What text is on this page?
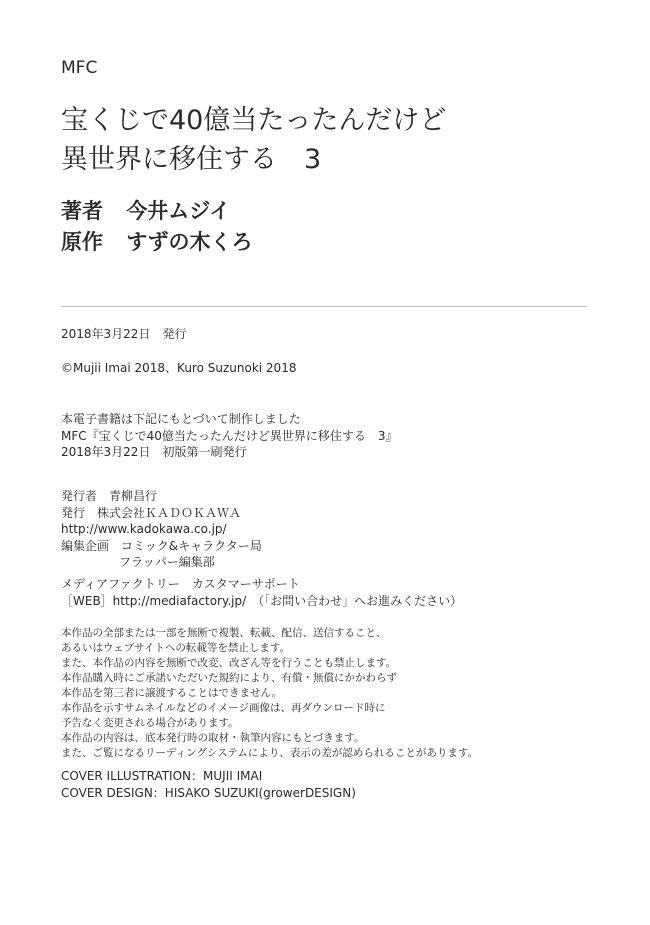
MFC
宝くじで40億当たったんだけど
異世界に移住する　3
著者 今井ムジイ
原作 すずの木くろ
2018年3月22日　発行
©Mujii Imai 2018、Kuro Suzunoki 2018
本電子書籍は下記にもとづいて制作しました
MFC『宝くじで40億当たったんだけど異世界に移住する　3』
2018年3月22日　初版第一刷発行
発行者　青柳昌行
発行　株式会社ＫＡＤＯＫＡＷＡ
http://www.kadokawa.co.jp/
編集企画　コミック&キャラクター局
フラッパー編集部
メディアファクトリー　カスタマーサポート
［WEB］http://mediafactory.jp/　（「お問い合わせ」へお進みください）
本作品の全部または一部を無断で複製、転載、配信、送信すること、
あるいはウェブサイトへの転載等を禁止します。
また、本作品の内容を無断で改変、改ざん等を行うことも禁止します。
本作品購入時にご承諾いただいた規約により、有償・無償にかかわらず
本作品を第三者に譲渡することはできません。
本作品を示すサムネイルなどのイメージ画像は、再ダウンロード時に
予告なく変更される場合があります。
本作品の内容は、底本発行時の取材・執筆内容にもとづきます。
また、ご覧になるリーディングシステムにより、表示の差が認められることがあります。
COVER ILLUSTRATION：MUJII IMAI
COVER DESIGN：HISAKO SUZUKI(growerDESIGN)
